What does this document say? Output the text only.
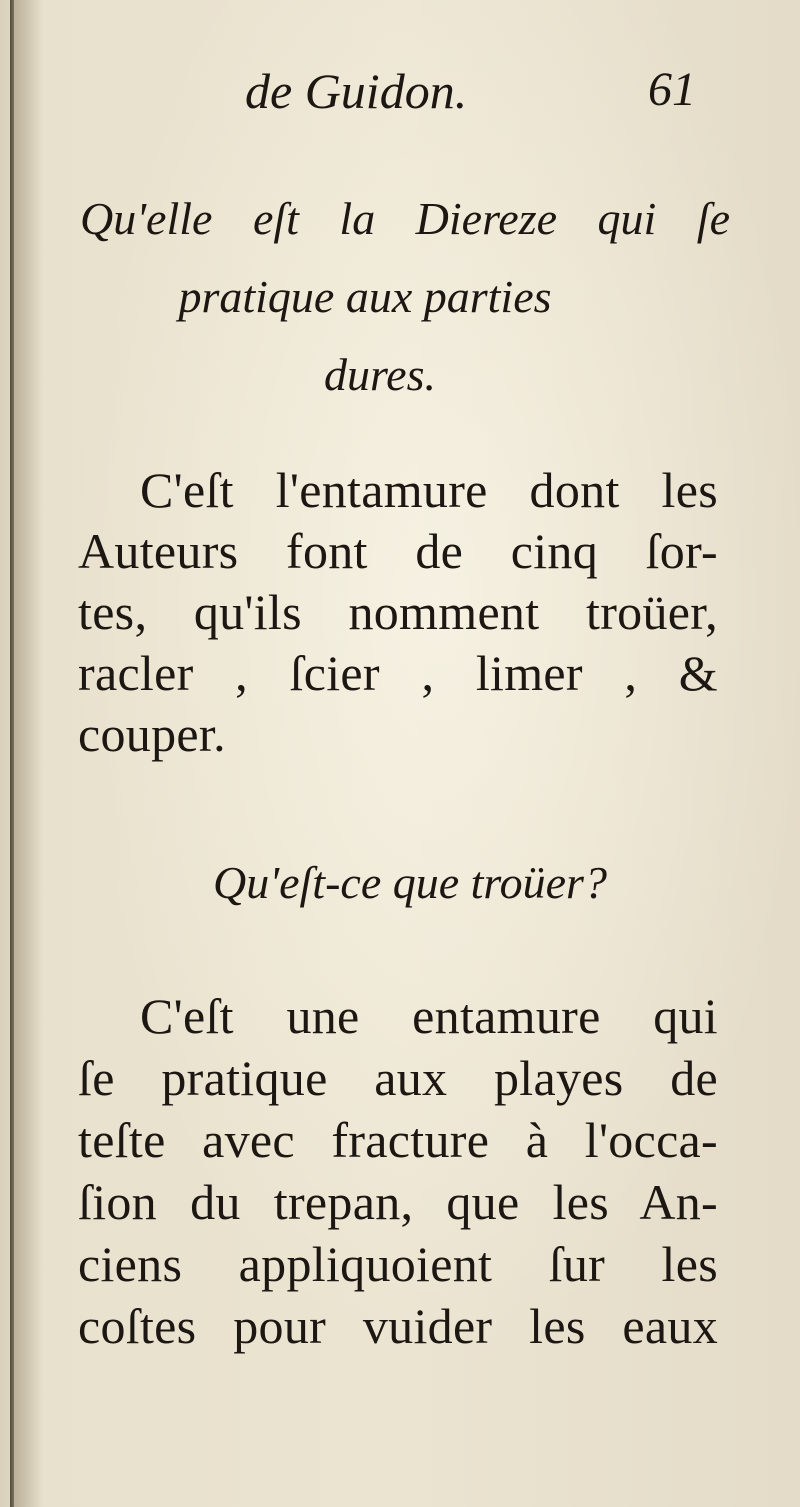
de Guidon.	61
Qu'elle eſt la Diereze qui ſe
pratique aux parties
dures.
C'eſt l'entamure dont les
Auteurs font de cinq ſor-
tes, qu'ils nomment troüer,
racler , ſcier , limer , &
couper.
Qu'eſt-ce que troüer?
C'eſt une entamure qui
ſe pratique aux playes de
teſte avec fracture à l'occa-
ſion du trepan, que les An-
ciens appliquoient ſur les
coſtes pour vuider les eaux
